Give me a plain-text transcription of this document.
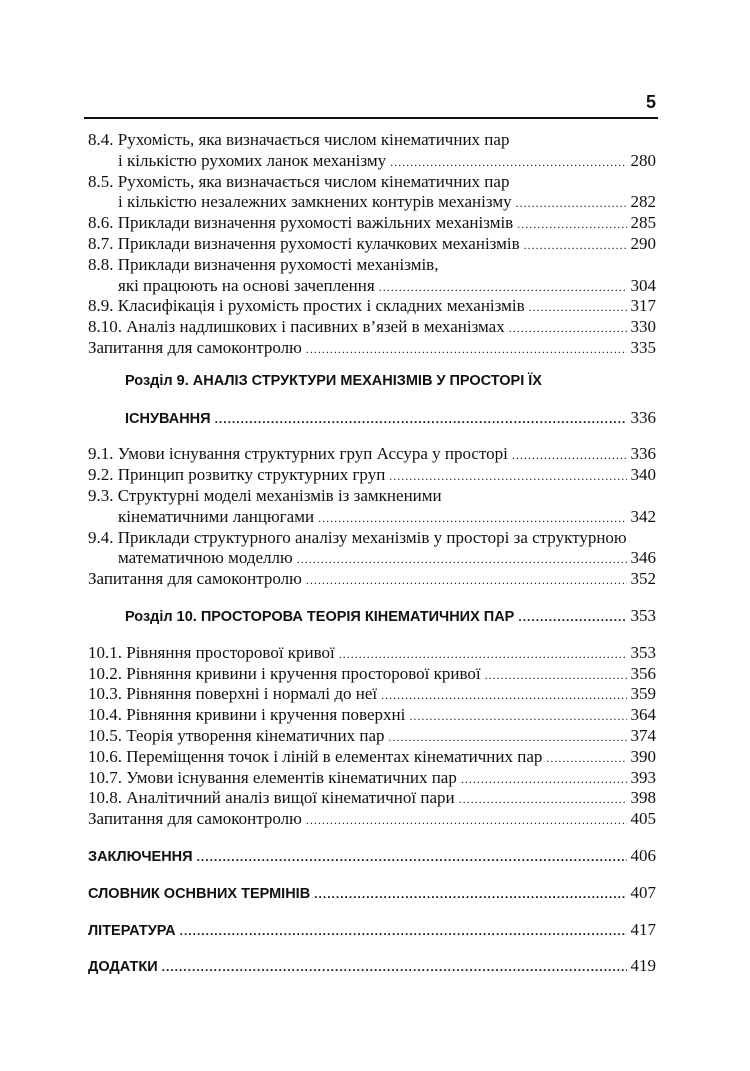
5
8.4. Рухомість, яка визначається числом кінематичних пар
і кількістю рухомих ланок механізму .....	280
8.5. Рухомість, яка визначається числом кінематичних пар
і кількістю незалежних замкнених контурів механізму .....	282
8.6. Приклади визначення рухомості важільних механізмів .....	285
8.7. Приклади визначення рухомості кулачкових механізмів .....	290
8.8. Приклади визначення рухомості механізмів,
які працюють на основі зачеплення .....	304
8.9. Класифікація і рухомість простих і складних механізмів .....	317
8.10. Аналіз надлишкових і пасивних в’язей в механізмах .....	330
Запитання для самоконтролю .....	335
Розділ 9. АНАЛІЗ СТРУКТУРИ МЕХАНІЗМІВ У ПРОСТОРІ ЇХ
ІСНУВАННЯ .....	336
9.1. Умови існування структурних груп Ассура у просторі .....	336
9.2. Принцип розвитку структурних груп .....	340
9.3. Структурні моделі механізмів із замкненими
кінематичними ланцюгами .....	342
9.4. Приклади структурного аналізу механізмів у просторі за структурною
математичною моделлю .....	346
Запитання для самоконтролю .....	352
Розділ 10. ПРОСТОРОВА ТЕОРІЯ КІНЕМАТИЧНИХ ПАР .....	353
10.1. Рівняння просторової кривої .....	353
10.2. Рівняння кривини і кручення просторової кривої .....	356
10.3. Рівняння поверхні і нормалі до неї .....	359
10.4. Рівняння кривини і кручення поверхні .....	364
10.5. Теорія утворення кінематичних пар .....	374
10.6. Переміщення точок і ліній в елементах кінематичних пар .....	390
10.7. Умови існування елементів кінематичних пар .....	393
10.8. Аналітичний аналіз вищої кінематичної пари .....	398
Запитання для самоконтролю .....	405
ЗАКЛЮЧЕННЯ .....	406
СЛОВНИК ОСНВНИХ ТЕРМІНІВ .....	407
ЛІТЕРАТУРА .....	417
ДОДАТКИ .....	419
